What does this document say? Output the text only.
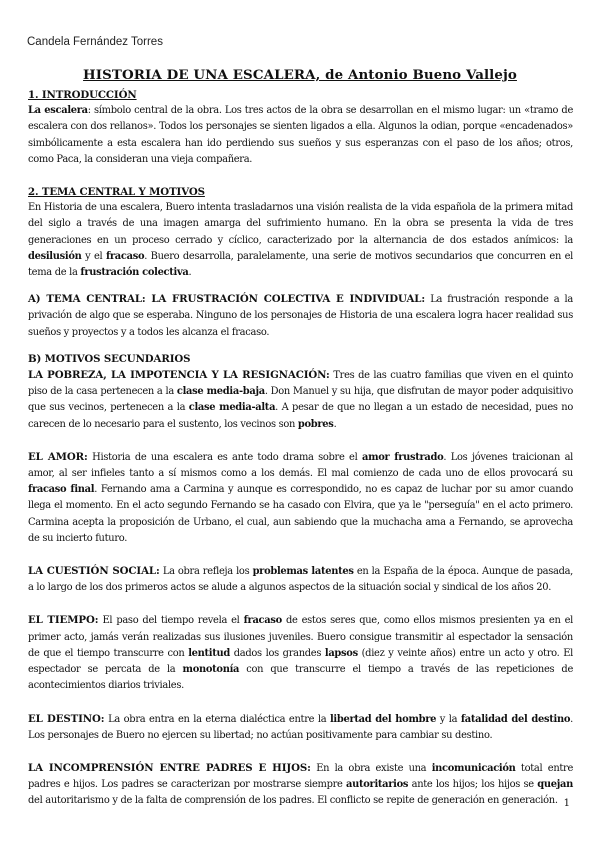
Candela Fernández Torres
HISTORIA DE UNA ESCALERA, de Antonio Bueno Vallejo
1. INTRODUCCIÓN

La escalera: símbolo central de la obra. Los tres actos de la obra se desarrollan en el mismo lugar: un «tramo de escalera con dos rellanos». Todos los personajes se sienten ligados a ella. Algunos la odian, porque «encadenados» simbólicamente a esta escalera han ido perdiendo sus sueños y sus esperanzas con el paso de los años; otros, como Paca, la consideran una vieja compañera.

2. TEMA CENTRAL Y MOTIVOS

En Historia de una escalera, Buero intenta trasladarnos una visión realista de la vida española de la primera mitad del siglo a través de una imagen amarga del sufrimiento humano. En la obra se presenta la vida de tres generaciones en un proceso cerrado y cíclico, caracterizado por la alternancia de dos estados anímicos: la desilusión y el fracaso. Buero desarrolla, paralelamente, una serie de motivos secundarios que concurren en el tema de la frustración colectiva.

A) TEMA CENTRAL: LA FRUSTRACIÓN COLECTIVA E INDIVIDUAL: La frustración responde a la privación de algo que se esperaba. Ninguno de los personajes de Historia de una escalera logra hacer realidad sus sueños y proyectos y a todos les alcanza el fracaso.

B) MOTIVOS SECUNDARIOS

LA POBREZA, LA IMPOTENCIA Y LA RESIGNACIÓN: Tres de las cuatro familias que viven en el quinto piso de la casa pertenecen a la clase media-baja. Don Manuel y su hija, que disfrutan de mayor poder adquisitivo que sus vecinos, pertenecen a la clase media-alta. A pesar de que no llegan a un estado de necesidad, pues no carecen de lo necesario para el sustento, los vecinos son pobres.

EL AMOR: Historia de una escalera es ante todo drama sobre el amor frustrado. Los jóvenes traicionan al amor, al ser infieles tanto a sí mismos como a los demás. El mal comienzo de cada uno de ellos provocará su fracaso final. Fernando ama a Carmina y aunque es correspondido, no es capaz de luchar por su amor cuando llega el momento. En el acto segundo Fernando se ha casado con Elvira, que ya le "perseguía" en el acto primero. Carmina acepta la proposición de Urbano, el cual, aun sabiendo que la muchacha ama a Fernando, se aprovecha de su incierto futuro.

LA CUESTIÓN SOCIAL: La obra refleja los problemas latentes en la España de la época. Aunque de pasada, a lo largo de los dos primeros actos se alude a algunos aspectos de la situación social y sindical de los años 20.

EL TIEMPO: El paso del tiempo revela el fracaso de estos seres que, como ellos mismos presienten ya en el primer acto, jamás verán realizadas sus ilusiones juveniles. Buero consigue transmitir al espectador la sensación de que el tiempo transcurre con lentitud dados los grandes lapsos (diez y veinte años) entre un acto y otro. El espectador se percata de la monotonía con que transcurre el tiempo a través de las repeticiones de acontecimientos diarios triviales.

EL DESTINO: La obra entra en la eterna dialéctica entre la libertad del hombre y la fatalidad del destino. Los personajes de Buero no ejercen su libertad; no actúan positivamente para cambiar su destino.

LA INCOMPRENSIÓN ENTRE PADRES E HIJOS: En la obra existe una incomunicación total entre padres e hijos. Los padres se caracterizan por mostrarse siempre autoritarios ante los hijos; los hijos se quejan del autoritarismo y de la falta de comprensión de los padres. El conflicto se repite de generación en generación. 1
